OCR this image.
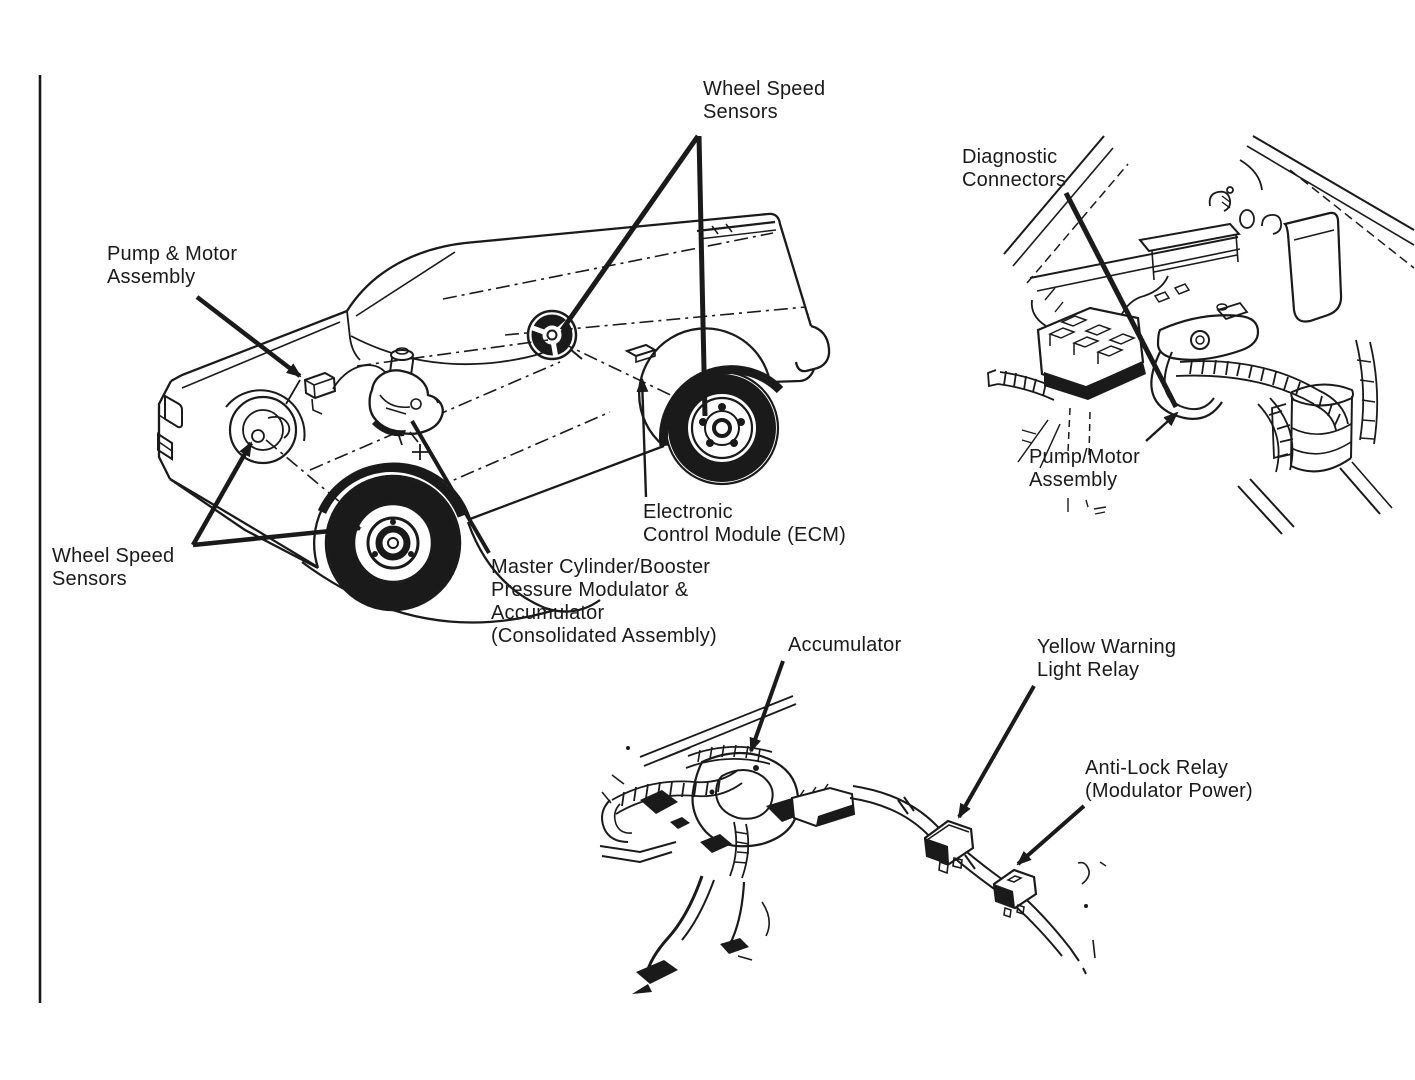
Wheel Speed
Sensors
Diagnostic
Connectors
Pump & Motor
Assembly
Pump/Motor
Assembly
Wheel Speed
Sensors
Electronic
Control Module (ECM)
Master Cylinder/Booster
Pressure Modulator &
Accumulator
(Consolidated Assembly)	Accumulator	Yellow Warning
Light Relay
Anti-Lock Relay
(Modulator Power)
